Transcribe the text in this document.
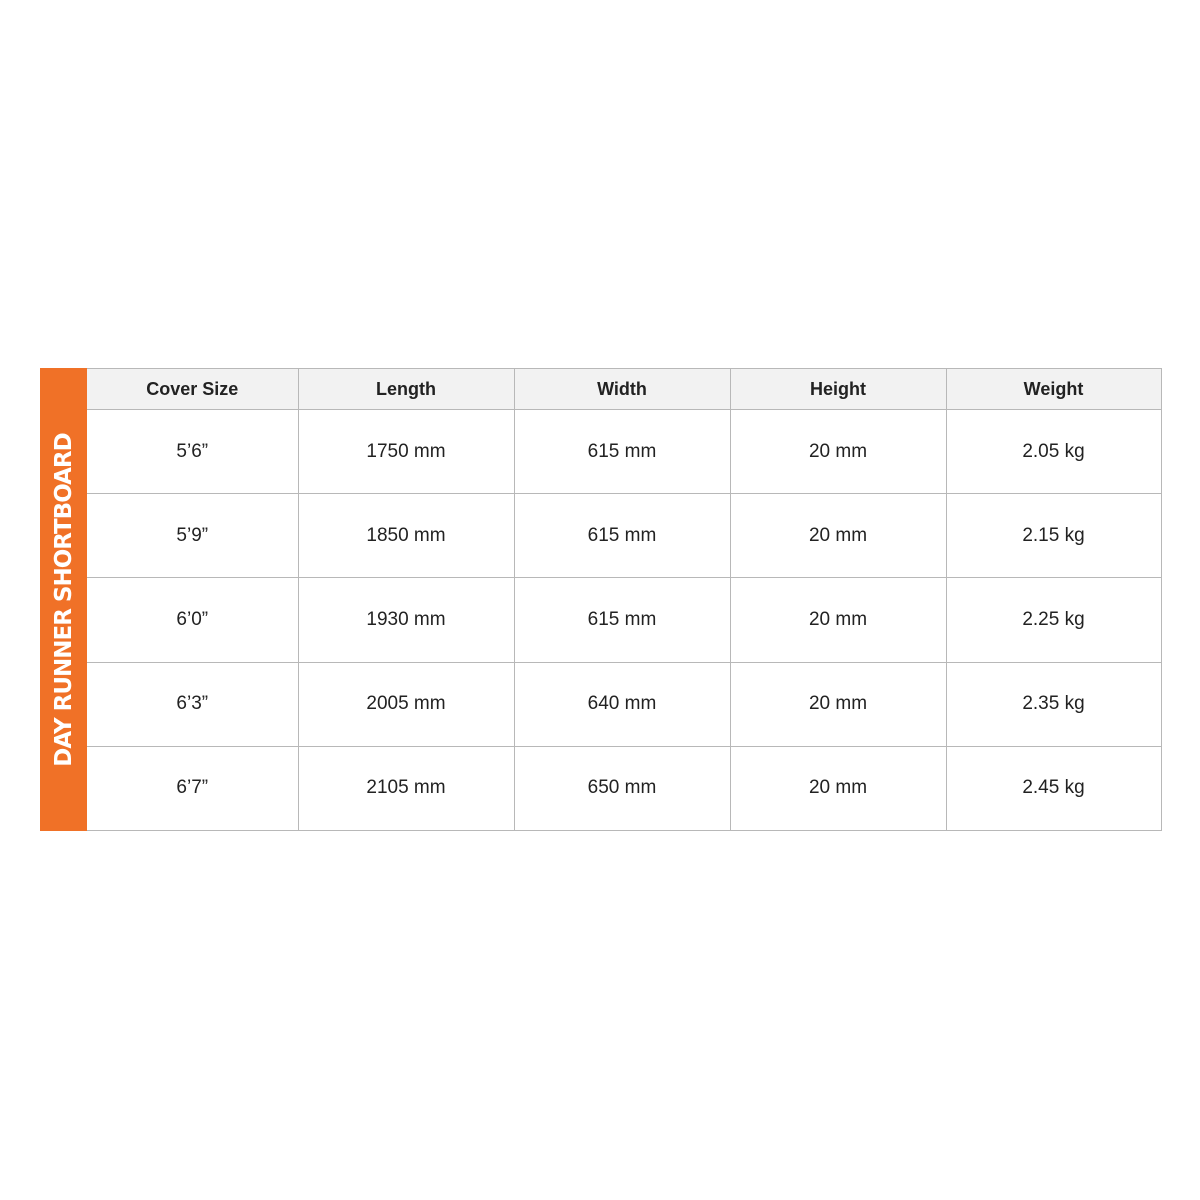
DAY RUNNER SHORTBOARD
Cover Size	Length	Width	Height	Weight
5’6”	1750 mm	615 mm	20 mm	2.05 kg
5’9”	1850 mm	615 mm	20 mm	2.15 kg
6’0”	1930 mm	615 mm	20 mm	2.25 kg
6’3”	2005 mm	640 mm	20 mm	2.35 kg
6’7”	2105 mm	650 mm	20 mm	2.45 kg
